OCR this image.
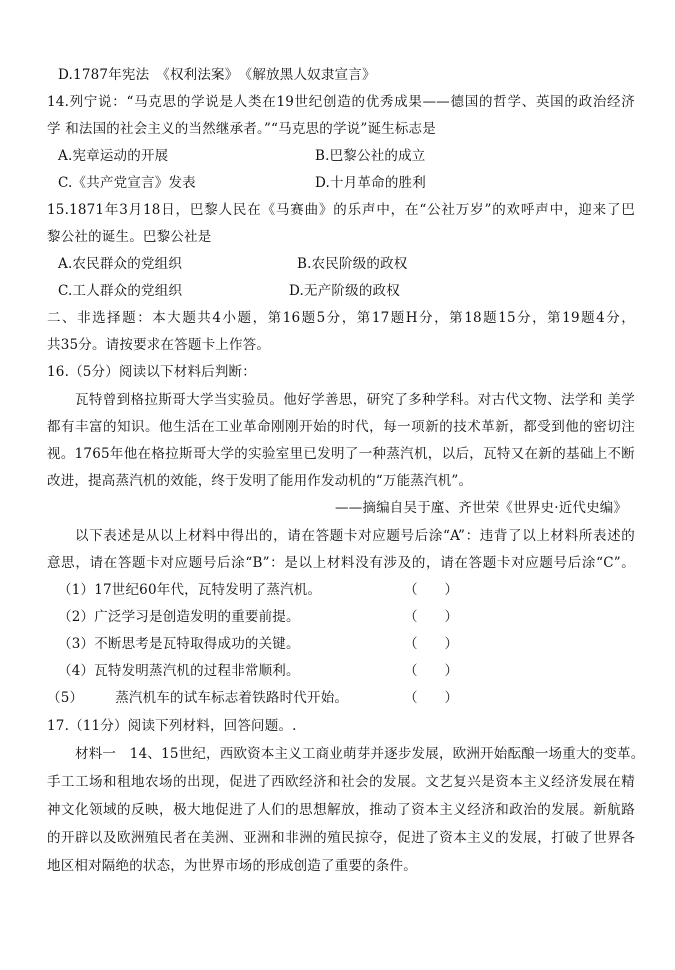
D.1787年宪法　《权利法案》　《解放黑人奴隶宣言》
14.列宁说：“马克思的学说是人类在19世纪创造的优秀成果——德国的哲学、英国的政治经济
学 和法国的社会主义的当然继承者。”“马克思的学说”诞生标志是
A.宪章运动的开展	B.巴黎公社的成立
C.《共产党宣言》发表	D.十月革命的胜利
15.1871年3月18日，巴黎人民在《马赛曲》的乐声中，在“公社万岁”的欢呼声中，迎来了巴
黎公社的诞生。巴黎公社是
A.农民群众的党组织	B.农民阶级的政权
C.工人群众的党组织	D.无产阶级的政权
二、非选择题：本大题共4小题，第16题5分，第17题H分，第18题15分，第19题4分，
共35分。请按要求在答题卡上作答。
16.（5分）阅读以下材料后判断：
瓦特曾到格拉斯哥大学当实验员。他好学善思，研究了多种学科。对古代文物、法学和 美学
都有丰富的知识。他生活在工业革命刚刚开始的时代，每一项新的技术革新，都受到他的密切注
视。1765年他在格拉斯哥大学的实验室里已发明了一种蒸汽机，以后，瓦特又在新的基础上不断
改进，提高蒸汽机的效能，终于发明了能用作发动机的“万能蒸汽机”。
——摘编自吴于廑、齐世荣《世界史·近代史编》
以下表述是从以上材料中得出的，请在答题卡对应题号后涂“A”：违背了以上材料所表述的
意思，请在答题卡对应题号后涂“B”：是以上材料没有涉及的，请在答题卡对应题号后涂“C”。
（1）17世纪60年代，瓦特发明了蒸汽机。	（　　）
（2）广泛学习是创造发明的重要前提。	（　　）
（3）不断思考是瓦特取得成功的关键。	（　　）
（4）瓦特发明蒸汽机的过程非常顺利。	（　　）
（5） 蒸汽机车的试车标志着铁路时代开始。	（　　）
17.（11分）阅读下列材料，回答问题。.
材料一　14、15世纪，西欧资本主义工商业萌芽并逐步发展，欧洲开始酝酿一场重大的变革。
手工工场和租地农场的出现，促进了西欧经济和社会的发展。文艺复兴是资本主义经济发展在精
神文化领域的反映，极大地促进了人们的思想解放，推动了资本主义经济和政治的发展。新航路
的开辟以及欧洲殖民者在美洲、亚洲和非洲的殖民掠夺，促进了资本主义的发展，打破了世界各
地区相对隔绝的状态，为世界市场的形成创造了重要的条件。
